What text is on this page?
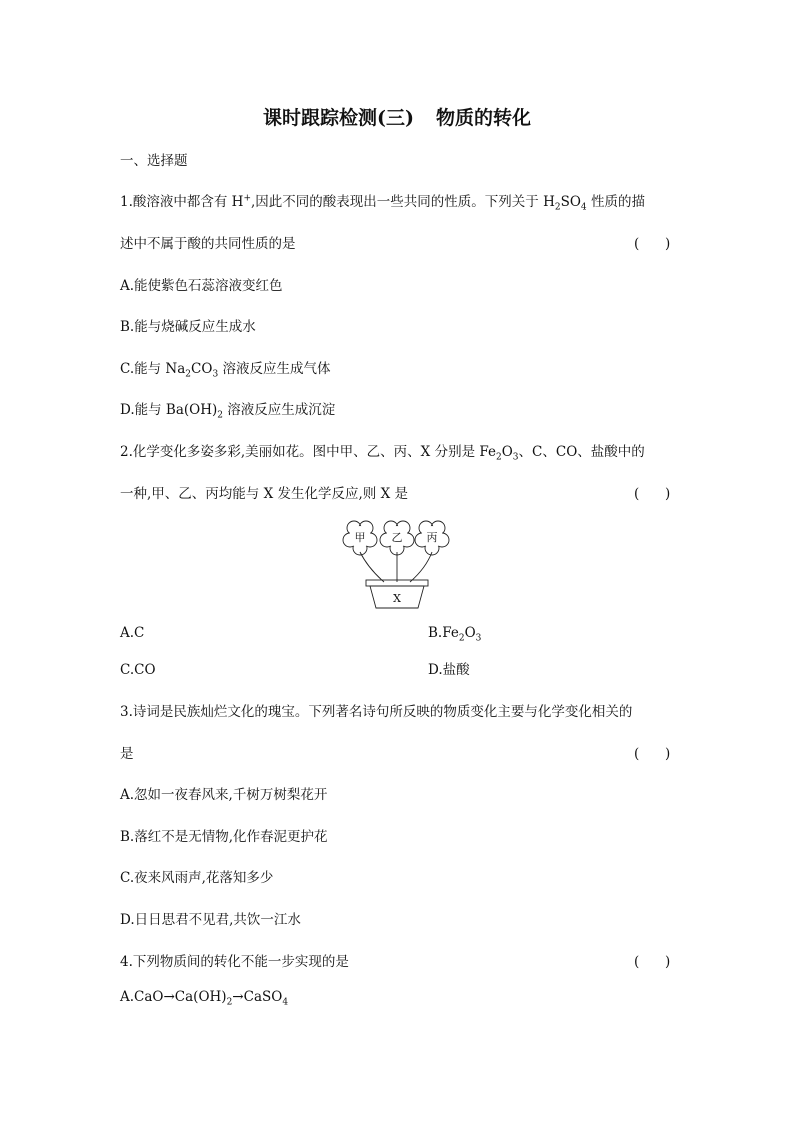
课时跟踪检测(三) 物质的转化
一、选择题
1.酸溶液中都含有 H+,因此不同的酸表现出一些共同的性质。下列关于 $H_2SO_4$ 性质的描
述中不属于酸的共同性质的是	(      )
A.能使紫色石蕊溶液变红色
B.能与烧碱反应生成水
C.能与 $Na_2CO_3$ 溶液反应生成气体
D.能与 $Ba(OH)_2$ 溶液反应生成沉淀
2.化学变化多姿多彩,美丽如花。图中甲、乙、丙、X 分别是 $Fe_2O_3$、C、CO、盐酸中的
一种,甲、乙、丙均能与 X 发生化学反应,则 X 是	(      )
甲 乙 丙
X
A.C	$B.Fe_2O_3$
C.CO	D.盐酸
3.诗词是民族灿烂文化的瑰宝。下列著名诗句所反映的物质变化主要与化学变化相关的
是	(      )
A.忽如一夜春风来,千树万树梨花开
B.落红不是无情物,化作春泥更护花
C.夜来风雨声,花落知多少
D.日日思君不见君,共饮一江水
4.下列物质间的转化不能一步实现的是	(      )
$A.CaO\to Ca(OH)_2\to CaSO_4$
